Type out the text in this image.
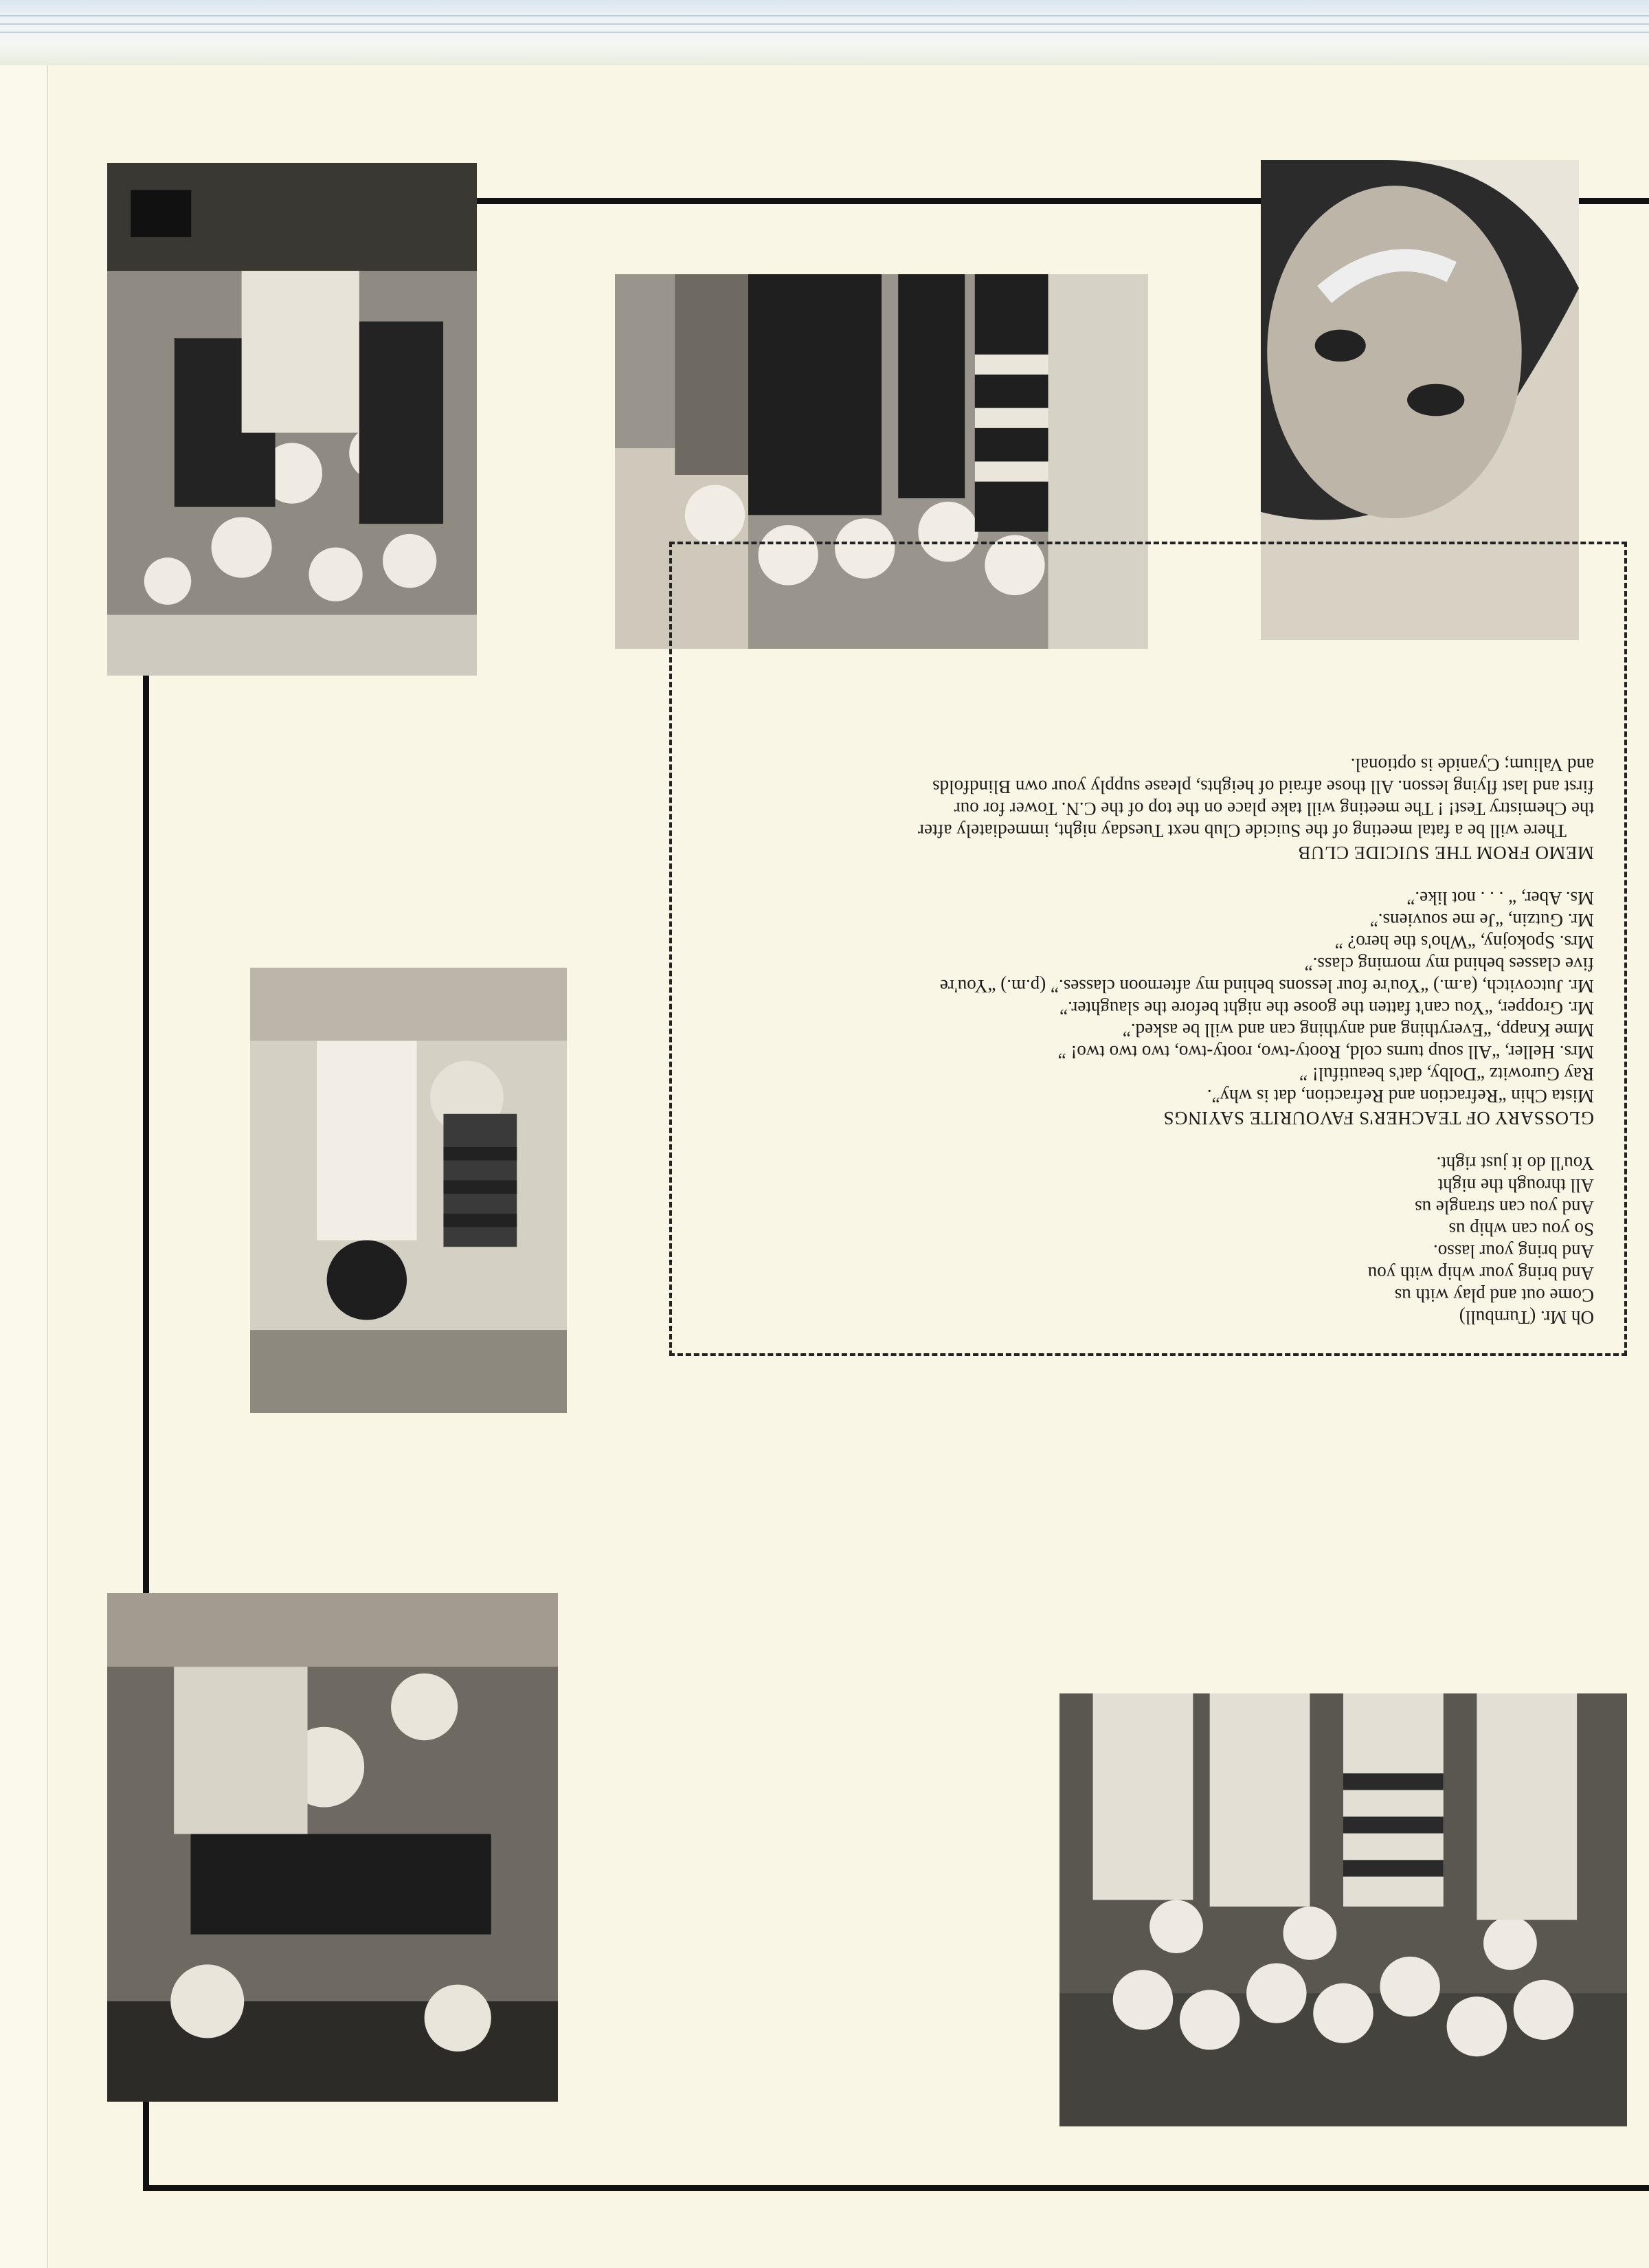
Oh Mr. (Turnbull)

Come out and play with us

And bring your whip with you

And bring your lasso.

So you can whip us

And you can strangle us

All through the night

You'll do it just right.

GLOSSARY OF TEACHER'S FAVOURITE SAYINGS

Mista Chin “Refraction and Refraction, dat is why”.

Ray Gurowitz “Dolby, dat's beautiful! ”

Mrs. Heller, “All soup turns cold, Rooty-two, rooty-two, two two two! ”

Mme Knapp, “Everything and anything can and will be asked.”

Mr. Gropper, “You can't fatten the goose the night before the slaughter.”

Mr. Jutcovitch, (a.m.) “You're four lessons behind my afternoon classes.” (p.m.) “You're

five classes behind my morning class.”

Mrs. Spokojny, “Who's the hero? ”

Mr. Gutzin, “Je me souviens.”

Ms. Aber, “ . . . not like.”

MEMO FROM THE SUICIDE CLUB

There will be a fatal meeting of the Suicide Club next Tuesday night, immediately after

the Chemistry Test! ! The meeting will take place on the top of the C.N. Tower for our

first and last flying lesson. All those afraid of heights, please supply your own Blindfolds

and Valium; Cyanide is optional.
